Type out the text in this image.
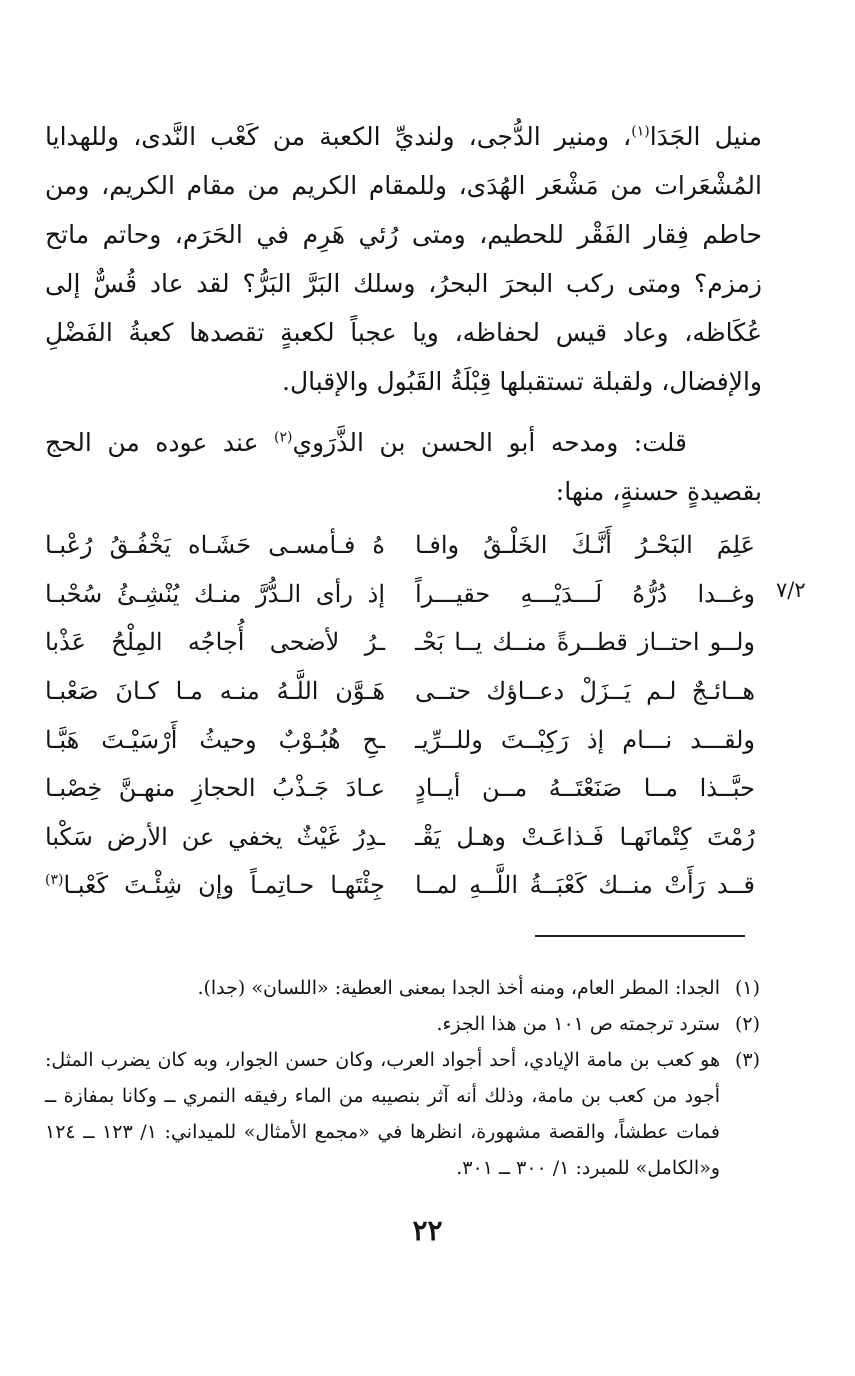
منيل الجَدَا$^{(١)}$، ومنير الدُّجى، ولنديِّ الكعبة من كَعْب النَّدى، وللهدايا المُشْعَرات من مَشْعَر الهُدَى، وللمقام الكريم من مقام الكريم، ومن حاطم فِقار الفَقْر للحطيم، ومتى رُئي هَرِم في الحَرَم، وحاتم ماتح زمزم؟ ومتى ركب البحرَ البحرُ، وسلك البَرَّ البَرُّ؟ لقد عاد قُسٌّ إلى عُكَاظه، وعاد قيس لحفاظه، ويا عجباً لكعبةٍ تقصدها كعبةُ الفَضْلِ والإفضال، ولقبلة تستقبلها قِبْلَةُ القَبُول والإقبال.

قلت: ومدحه أبو الحسن بن الذَّرَوي$^{(٢)}$ عند عوده من الحج بقصيدةٍ حسنةٍ، منها:

٧/٢
عَلِمَ البَحْـرُ أَنَّـكَ الخَلْـقُ وافـا
هُ فـأمسـى حَشَـاه يَخْفُـقُ رُعْبـا
وغــدا دُرُّهُ لَـــدَيْـــهِ حقيـــراً
إذ رأى الـدُّرَّ منـك يُنْشِـئُ سُحْبـا
ولــو احتــاز قطــرةً منــك يــا بَحْـ
ـرُ لأضحى أُجاجُه المِلْحُ عَذْبا
هــائـجٌ لـم يَــزَلْ دعــاؤك حتــى
هَـوَّن اللَّـهُ منـه مـا كـانَ صَعْبـا
ولقـــد نـــام إذ رَكِبْــتَ وللــرِّيـ
ـحِ هُبُـوْبٌ وحيثُ أَرْسَيْـتَ هَبَّـا
حبَّــذا مــا صَنَعْتَــهُ مــن أيــادٍ
عـادَ جَـذْبُ الحجازِ منهـنَّ خِصْبـا
رُمْتَ كِتْمانَهـا فَـذاعَـتْ وهـل يَقْـ
ـدِرُ غَيْثٌ يخفي عن الأرض سَكْبا
قــد رَأَتْ منــك كَعْبَــةُ اللَّــهِ لمــا
جِئْتَهـا حـاتِمـاً وإن شِئْـتَ كَعْبـا$^{(٣)}$
(١)
الجدا: المطر العام، ومنه أخذ الجدا بمعنى العطية: «اللسان» (جدا).
(٢)
سترد ترجمته ص ١٠١ من هذا الجزء.
(٣)
هو كعب بن مامة الإيادي، أحد أجواد العرب، وكان حسن الجوار، وبه كان يضرب المثل: أجود من كعب بن مامة، وذلك أنه آثر بنصيبه من الماء رفيقه النمري ــ وكانا بمفازة ــ فمات عطشاً، والقصة مشهورة، انظرها في «مجمع الأمثال» للميداني: ١/ ١٢٣ ــ ١٢٤ و«الكامل» للمبرد: ١/ ٣٠٠ ــ ٣٠١.
٢٢
